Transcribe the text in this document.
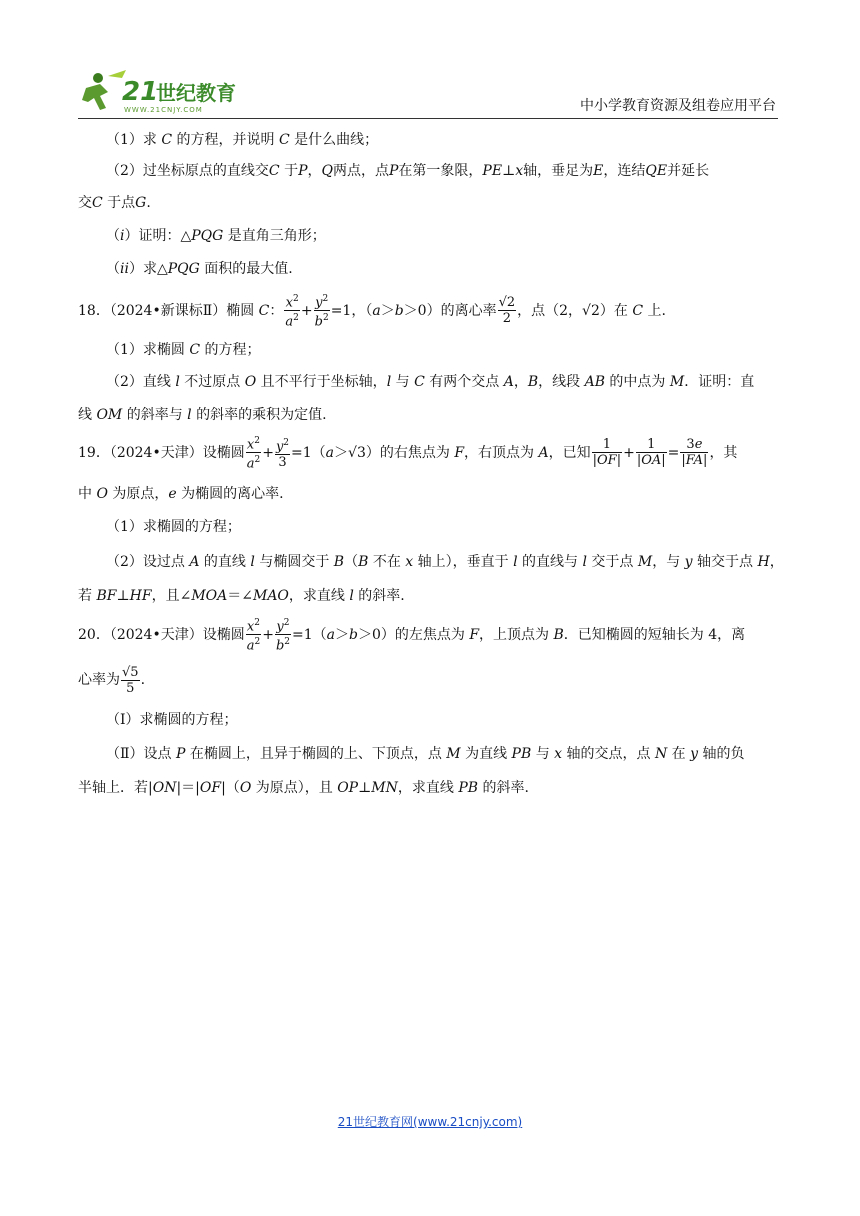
21
世纪教育
WWW.21CNJY.COM	中小学教育资源及组卷应用平台
（1）求 C 的方程，并说明 C 是什么曲线；
（2）过坐标原点的直线交C 于P，Q两点，点P在第一象限，PE⊥x轴，垂足为E，连结QE并延长
交C 于点G.
（i）证明：△PQG 是直角三角形；
（ii）求△PQG 面积的最大值.
18．（2024•新课标Ⅱ）椭圆 C： $\frac{x^2}{a^2} + \frac{y^2}{b^2} =1$，（a＞b＞0）的离心率 $\frac{√2}{2}$ ，点（2，√2）在 C 上.
（1）求椭圆 C 的方程；
（2）直线 l 不过原点 O 且不平行于坐标轴，l 与 C 有两个交点 A，B，线段 AB 的中点为 M．证明：直
线 OM 的斜率与 l 的斜率的乘积为定值.
19．（2024•天津）设椭圆 $\frac{x^2}{a^2} + \frac{y^2}{3} =1(a>√3)$的右焦点为 F，右顶点为 A，已知 $\frac{1}{|OF|} + \frac{1}{|OA|} = \frac{3e}{|FA|}$ ，其
中 O 为原点，e 为椭圆的离心率.
（1）求椭圆的方程；
（2）设过点 A 的直线 l 与椭圆交于 B（B 不在 x 轴上），垂直于 l 的直线与 l 交于点 M，与 y 轴交于点 H，
若 BF⊥HF，且∠MOA＝∠MAO，求直线 l 的斜率.
20．（2024•天津）设椭圆 $\frac{x^2}{a^2} + \frac{y^2}{b^2} =1(a>b>0)$的左焦点为 F，上顶点为 B．已知椭圆的短轴长为 4，离
心率为 $\frac{√5}{5}$ .
（Ⅰ）求椭圆的方程；
（Ⅱ）设点 P 在椭圆上，且异于椭圆的上、下顶点，点 M 为直线 PB 与 x 轴的交点，点 N 在 y 轴的负
半轴上．若|ON|＝|OF|（O 为原点），且 OP⊥MN，求直线 PB 的斜率.
21世纪教育网(www.21cnjy.com)
